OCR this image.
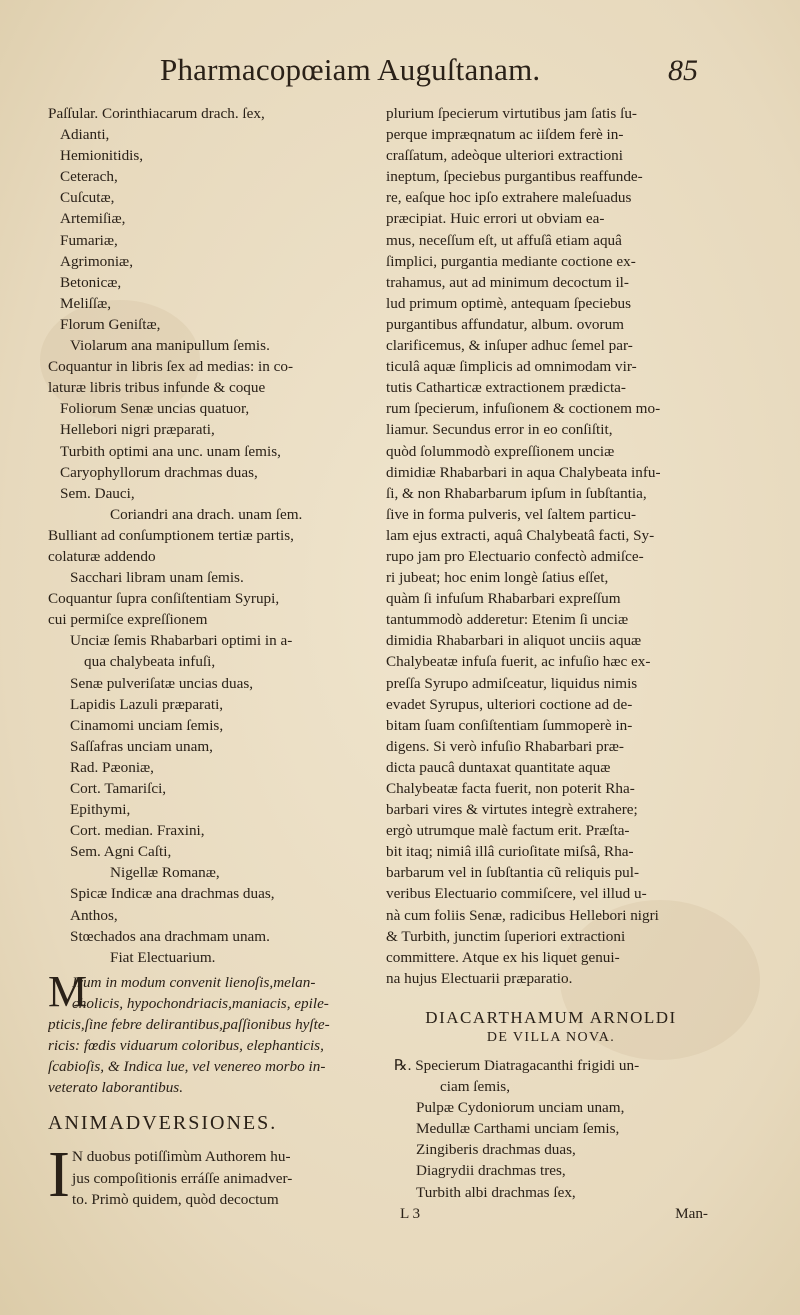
Pharmacopœiam Auguſtanam.	85
Paſſular. Corinthiacarum drach. ſex,
Adianti,
Hemionitidis,
Ceterach,
Cuſcutæ,
Artemiſiæ,
Fumariæ,
Agrimoniæ,
Betonicæ,
Meliſſæ,
Florum Geniſtæ,
Violarum ana manipullum ſemis.
Coquantur in libris ſex ad medias: in co-
laturæ libris tribus infunde & coque
Foliorum Senæ uncias quatuor,
Hellebori nigri præparati,
Turbith optimi ana unc. unam ſemis,
Caryophyllorum drachmas duas,
Sem. Dauci,
Coriandri ana drach. unam ſem.
Bulliant ad conſumptionem tertiæ partis,
colaturæ addendo
Sacchari libram unam ſemis.
Coquantur ſupra conſiſtentiam Syrupi,
cui permiſce expreſſionem
Unciæ ſemis Rhabarbari optimi in a-
qua chalybeata infuſi,
Senæ pulveriſatæ uncias duas,
Lapidis Lazuli præparati,
Cinamomi unciam ſemis,
Saſſafras unciam unam,
Rad. Pæoniæ,
Cort. Tamariſci,
Epithymi,
Cort. median. Fraxini,
Sem. Agni Caſti,
Nigellæ Romanæ,
Spicæ Indicæ ana drachmas duas,
Anthos,
Stœchados ana drachmam unam.
Fiat Electuarium.
M
Irum in modum convenit lienoſis,melan-
cholicis, hypochondriacis,maniacis, epile-
pticis,ſine febre delirantibus,paſſionibus hyſte-
ricis: fœdis viduarum coloribus, elephanticis,
ſcabioſis, & Indica lue, vel venereo morbo in-
veterato laborantibus.
ANIMADVERSIONES.
I N duobus potiſſimùm Authorem hu-
jus compoſitionis erráſſe animadver-
to. Primò quidem, quòd decoctum
plurium ſpecierum virtutibus jam ſatis ſu-
perque impræqnatum ac iiſdem ferè in-
craſſatum, adeòque ulteriori extractioni
ineptum, ſpeciebus purgantibus reaffunde-
re, eaſque hoc ipſo extrahere maleſuadus
præcipiat. Huic errori ut obviam ea-
mus, neceſſum eſt, ut affuſâ etiam aquâ
ſimplici, purgantia mediante coctione ex-
trahamus, aut ad minimum decoctum il-
lud primum optimè, antequam ſpeciebus
purgantibus affundatur, album. ovorum
clarificemus, & inſuper adhuc ſemel par-
ticulâ aquæ ſimplicis ad omnimodam vir-
tutis Catharticæ extractionem prædicta-
rum ſpecierum, infuſionem & coctionem mo-
liamur. Secundus error in eo conſiſtit,
quòd ſolummodò expreſſionem unciæ
dimidiæ Rhabarbari in aqua Chalybeata infu-
ſi, & non Rhabarbarum ipſum in ſubſtantia,
ſive in forma pulveris, vel ſaltem particu-
lam ejus extracti, aquâ Chalybeatâ facti, Sy-
rupo jam pro Electuario confectò admiſce-
ri jubeat; hoc enim longè ſatius eſſet,
quàm ſi infuſum Rhabarbari expreſſum
tantummodò adderetur: Etenim ſi unciæ
dimidia Rhabarbari in aliquot unciis aquæ
Chalybeatæ infuſa fuerit, ac infuſio hæc ex-
preſſa Syrupo admiſceatur, liquidus nimis
evadet Syrupus, ulteriori coctione ad de-
bitam ſuam conſiſtentiam ſummoperè in-
digens. Si verò infuſio Rhabarbari præ-
dicta paucâ duntaxat quantitate aquæ
Chalybeatæ facta fuerit, non poterit Rha-
barbari vires & virtutes integrè extrahere;
ergò utrumque malè factum erit. Præſta-
bit itaq; nimiâ illâ curioſitate miſsâ, Rha-
barbarum vel in ſubſtantia cũ reliquis pul-
veribus Electuario commiſcere, vel illud u-
nà cum foliis Senæ, radicibus Hellebori nigri
& Turbith, junctim ſuperiori extractioni
committere. Atque ex his liquet genui-
na hujus Electuarii præparatio.
DIACARTHAMUM ARNOLDI
DE VILLA NOVA.
℞. Specierum Diatragacanthi frigidi un-
ciam ſemis,
Pulpæ Cydoniorum unciam unam,
Medullæ Carthami unciam ſemis,
Zingiberis drachmas duas,
Diagrydii drachmas tres,
Turbith albi drachmas ſex,
L 3	Man-
